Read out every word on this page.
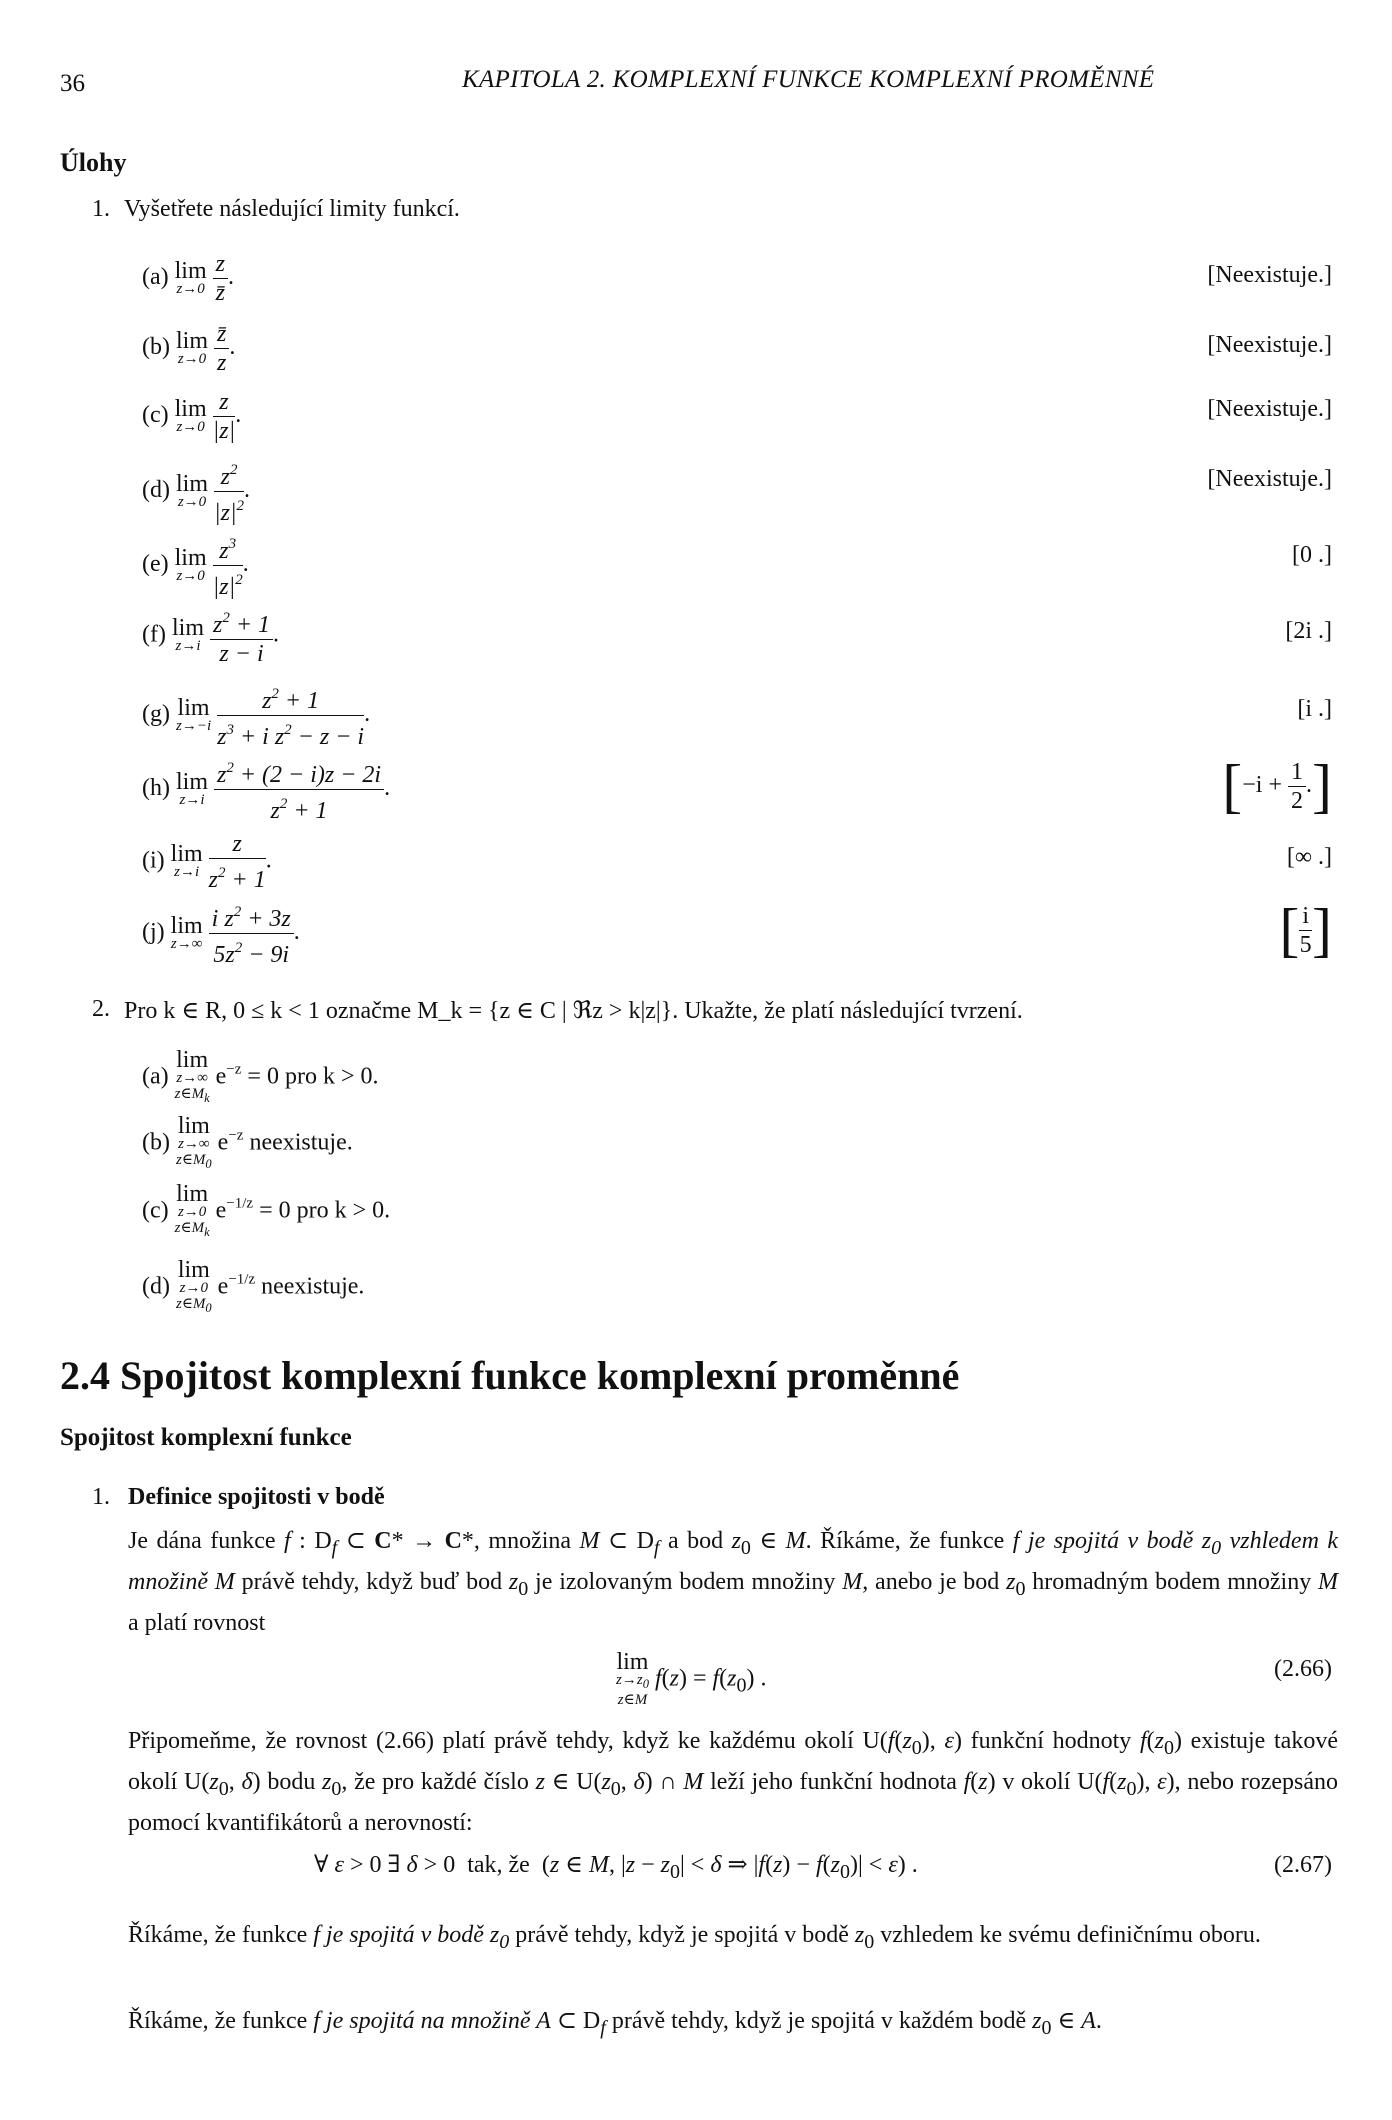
36	KAPITOLA 2. KOMPLEXNÍ FUNKCE KOMPLEXNÍ PROMĚNNÉ
Úlohy
1. Vyšetřete následující limity funkcí.
(a) lim
z→0
$\frac{z}{z̄}$ .	[Neexistuje.]
(b) lim
z→0
$\frac{z̄}{z}$ .	[Neexistuje.]
(c) lim
z→0
$\frac{z}{|z|}$ .	[Neexistuje.]
(d) lim
z→0
$\frac{z^2}{|z|^2}$ .	[Neexistuje.]
(e) lim
z→0
$\frac{z^3}{|z|^2}$ .	[0 .]
(f) lim
z→i
$\frac{z^2 + 1}{z - i}$ .	[2i .]
(g) lim
z→−i
$\frac{z^2 + 1}{z^3 + i z^2 - z - i}$ .	[i .]
(h) lim
z→i
$\frac{z^2 + (2 - i)z - 2i}{z^2 + 1}$ .	[$-i + \frac{1}{2}$ .]
(i) lim
z→i
$\frac{z}{z^2 + 1}$ .	[∞ .]
(j) lim
z→∞
$\frac{i z^2 + 3z}{5z^2 - 9i}$ .	[ $\frac{i}{5}$ ]
2. Pro k ∈ R, 0 ≤ k < 1 označme M_k = {z ∈ C | ℜz > k|z|}. Ukažte, že platí následující tvrzení.
(a) lim
z→∞
$z\in M_k$
$e^{-z} = 0$ pro k > 0.
(b) lim
z→∞
$z\in M_0$
$e^{-z}$ neexistuje.
(c) lim
z→0
$z\in M_k$
$e^{-1/z} = 0$ pro k > 0.
(d) lim
z→0
$z\in M_0$
$e^{-1/z}$ neexistuje.
2.4 Spojitost komplexní funkce komplexní proměnné
Spojitost komplexní funkce
1. Definice spojitosti v bodě
Je dána funkce f : $D_f$ ⊂ C* → C*, množina M ⊂ $D_f$ a bod $z_0$ ∈ M. Říkáme, že funkce f je spojitá v bodě $z_0$ vzhledem k množině M právě tehdy, když buď bod $z_0$ je izolovaným bodem množiny M, anebo je bod $z_0$ hromadným bodem množiny M a platí rovnost
lim
$z\to z_0$
z∈M
$f(z) = f(z_0)$ .	(2.66)
Připomeňme, že rovnost (2.66) platí právě tehdy, když ke každému okolí $U(f(z_0)$, ε) funkční hodnoty $f(z_0)$ existuje takové okolí $U(z_0$, δ) bodu $z_0$, že pro každé číslo z ∈ $U(z_0$, δ) ∩ M leží jeho funkční hodnota f(z) v okolí $U(f(z_0)$, ε), nebo rozepsáno pomocí kvantifikátorů a nerovností:
∀ ε > 0 ∃ δ > 0  tak, že  (z ∈ M, $|z - z_0| < \delta$ ⇒ $|f(z) - f(z_0)| < \varepsilon$) .	(2.67)
Říkáme, že funkce f je spojitá v bodě $z_0$ právě tehdy, když je spojitá v bodě $z_0$ vzhledem ke svému definičnímu oboru.
Říkáme, že funkce f je spojitá na množině A ⊂ $D_f$ právě tehdy, když je spojitá v každém bodě $z_0$ ∈ A.
